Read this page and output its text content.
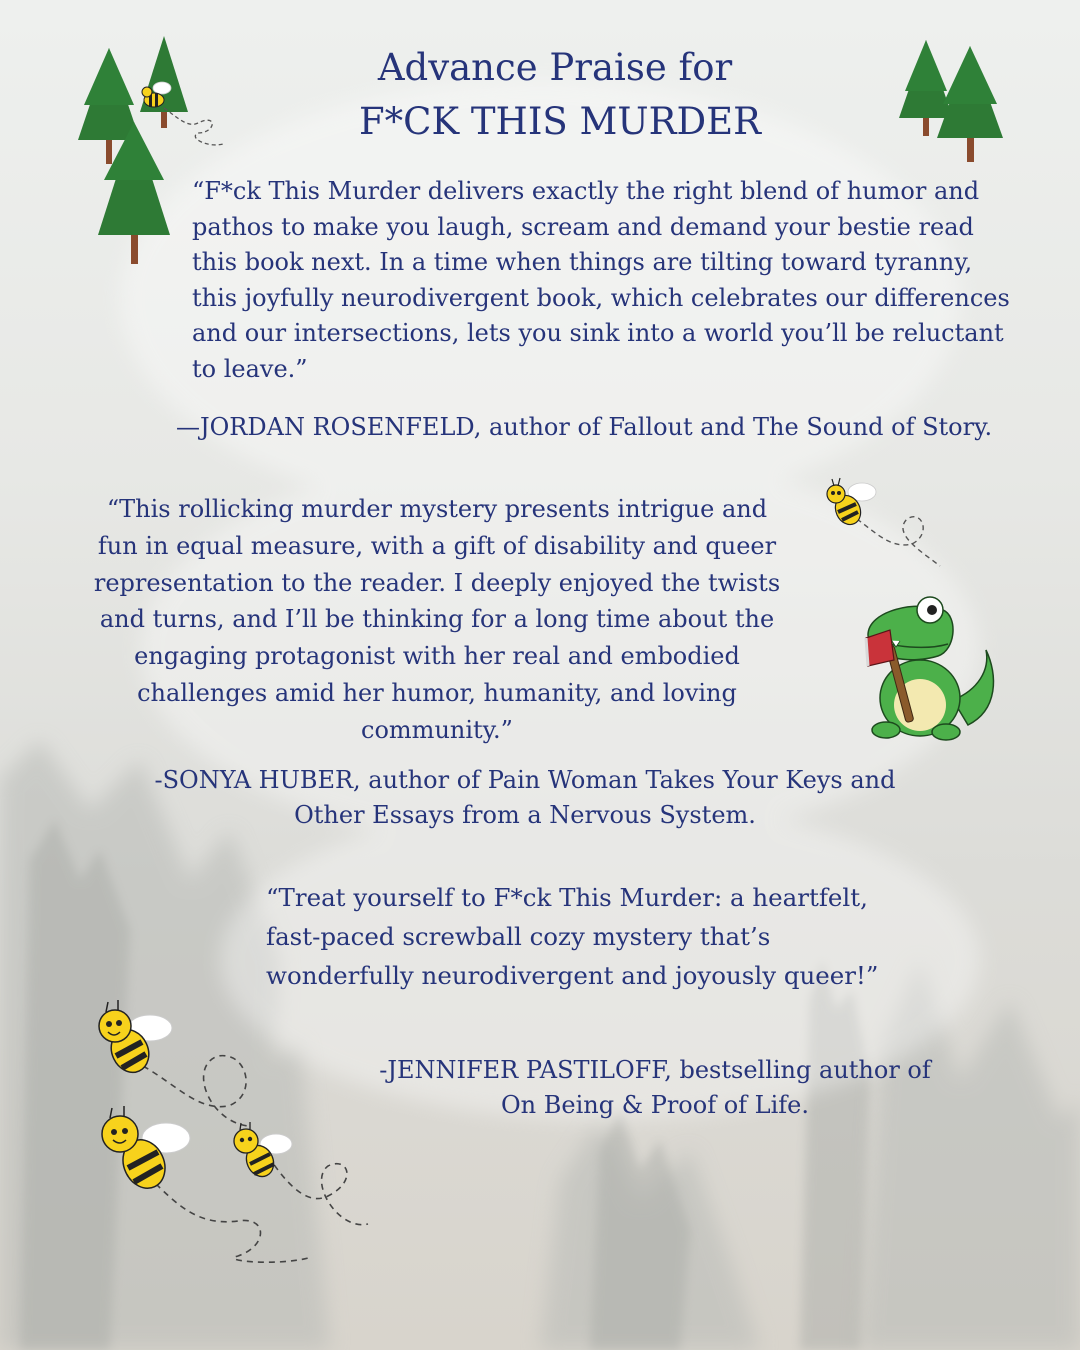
Advance Praise for
F*CK THIS MURDER

“F*ck This Murder delivers exactly the right blend of humor and pathos to make you laugh, scream and demand your bestie read this book next. In a time when things are tilting toward tyranny, this joyfully neurodivergent book, which celebrates our differences and our intersections, lets you sink into a world you’ll be reluctant to leave.”

—JORDAN ROSENFELD, author of Fallout and The Sound of Story.

“This rollicking murder mystery presents intrigue and fun in equal measure, with a gift of disability and queer representation to the reader. I deeply enjoyed the twists and turns, and I’ll be thinking for a long time about the engaging protagonist with her real and embodied challenges amid her humor, humanity, and loving community.”

-SONYA HUBER, author of Pain Woman Takes Your Keys and Other Essays from a Nervous System.

“Treat yourself to F*ck This Murder: a heartfelt, fast-paced screwball cozy mystery that’s wonderfully neurodivergent and joyously queer!”

-JENNIFER PASTILOFF, bestselling author of On Being & Proof of Life.
